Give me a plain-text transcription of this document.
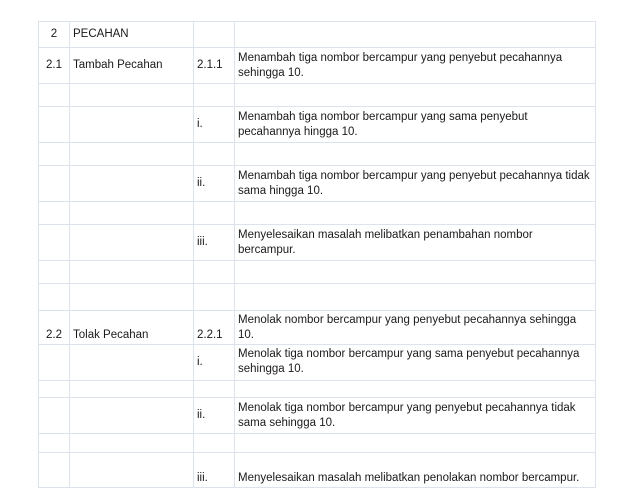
2	PECAHAN		
2.1	Tambah Pecahan	2.1.1	Menambah tiga nombor bercampur yang penyebut pecahannya sehingga 10.

		i.	Menambah tiga nombor bercampur yang sama penyebut pecahannya hingga 10.

		ii.	Menambah tiga nombor bercampur yang penyebut pecahannya tidak sama hingga 10.

		iii.	Menyelesaikan masalah melibatkan penambahan nombor bercampur.

2.2	Tolak Pecahan	2.2.1	Menolak nombor bercampur yang penyebut pecahannya sehingga 10.
		i.	Menolak tiga nombor bercampur yang sama penyebut pecahannya sehingga 10.

		ii.	Menolak tiga nombor bercampur yang penyebut pecahannya tidak sama sehingga 10.

		iii.	Menyelesaikan masalah melibatkan penolakan nombor bercampur.
